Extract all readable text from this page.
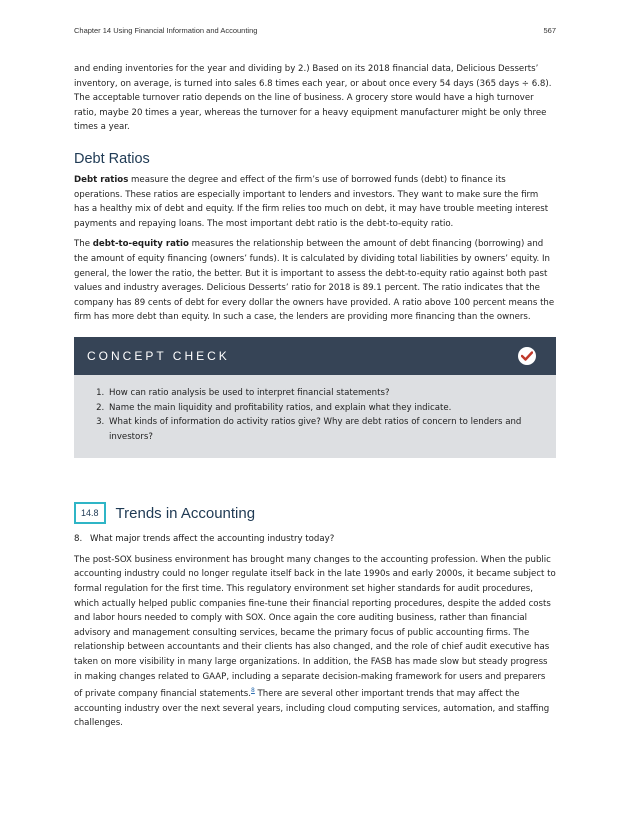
Chapter 14 Using Financial Information and Accounting	567

and ending inventories for the year and dividing by 2.) Based on its 2018 financial data, Delicious Desserts’ inventory, on average, is turned into sales 6.8 times each year, or about once every 54 days (365 days ÷ 6.8). The acceptable turnover ratio depends on the line of business. A grocery store would have a high turnover ratio, maybe 20 times a year, whereas the turnover for a heavy equipment manufacturer might be only three times a year.

Debt Ratios

Debt ratios measure the degree and effect of the firm’s use of borrowed funds (debt) to finance its operations. These ratios are especially important to lenders and investors. They want to make sure the firm has a healthy mix of debt and equity. If the firm relies too much on debt, it may have trouble meeting interest payments and repaying loans. The most important debt ratio is the debt-to-equity ratio.

The debt-to-equity ratio measures the relationship between the amount of debt financing (borrowing) and the amount of equity financing (owners’ funds). It is calculated by dividing total liabilities by owners’ equity. In general, the lower the ratio, the better. But it is important to assess the debt-to-equity ratio against both past values and industry averages. Delicious Desserts’ ratio for 2018 is 89.1 percent. The ratio indicates that the company has 89 cents of debt for every dollar the owners have provided. A ratio above 100 percent means the firm has more debt than equity. In such a case, the lenders are providing more financing than the owners.

CONCEPT CHECK
1. How can ratio analysis be used to interpret financial statements?
2. Name the main liquidity and profitability ratios, and explain what they indicate.
3. What kinds of information do activity ratios give? Why are debt ratios of concern to lenders and investors?
14.8	Trends in Accounting
8. What major trends affect the accounting industry today?

The post-SOX business environment has brought many changes to the accounting profession. When the public accounting industry could no longer regulate itself back in the late 1990s and early 2000s, it became subject to formal regulation for the first time. This regulatory environment set higher standards for audit procedures, which actually helped public companies fine-tune their financial reporting procedures, despite the added costs and labor hours needed to comply with SOX. Once again the core auditing business, rather than financial advisory and management consulting services, became the primary focus of public accounting firms. The relationship between accountants and their clients has also changed, and the role of chief audit executive has taken on more visibility in many large organizations. In addition, the FASB has made slow but steady progress in making changes related to GAAP, including a separate decision-making framework for users and preparers of private company financial statements.$^8$ There are several other important trends that may affect the accounting industry over the next several years, including cloud computing services, automation, and staffing challenges.
